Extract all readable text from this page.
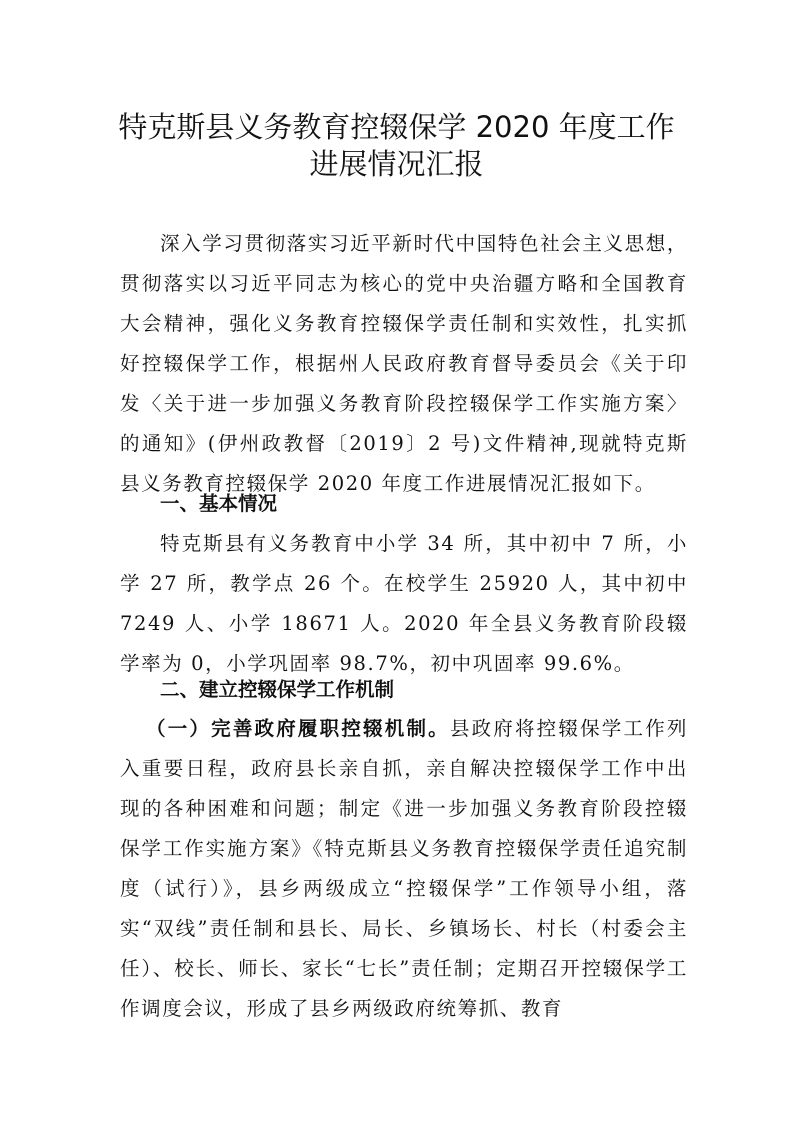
特克斯县义务教育控辍保学 2020 年度工作
进展情况汇报

深入学习贯彻落实习近平新时代中国特色社会主义思想，贯彻落实以习近平同志为核心的党中央治疆方略和全国教育大会精神，强化义务教育控辍保学责任制和实效性，扎实抓好控辍保学工作，根据州人民政府教育督导委员会《关于印发〈关于进一步加强义务教育阶段控辍保学工作实施方案〉的通知》(伊州政教督〔2019〕2 号)文件精神,现就特克斯县义务教育控辍保学 2020 年度工作进展情况汇报如下。

一、基本情况

特克斯县有义务教育中小学 34 所，其中初中 7 所，小学 27 所，教学点 26 个。在校学生 25920 人，其中初中 7249 人、小学 18671 人。2020 年全县义务教育阶段辍学率为 0，小学巩固率 98.7%，初中巩固率 99.6%。

二、建立控辍保学工作机制

（一）完善政府履职控辍机制。县政府将控辍保学工作列入重要日程，政府县长亲自抓，亲自解决控辍保学工作中出现的各种困难和问题；制定《进一步加强义务教育阶段控辍保学工作实施方案》《特克斯县义务教育控辍保学责任追究制度（试行）》，县乡两级成立“控辍保学”工作领导小组，落实“双线”责任制和县长、局长、乡镇场长、村长（村委会主任）、校长、师长、家长“七长”责任制；定期召开控辍保学工作调度会议，形成了县乡两级政府统筹抓、教育
